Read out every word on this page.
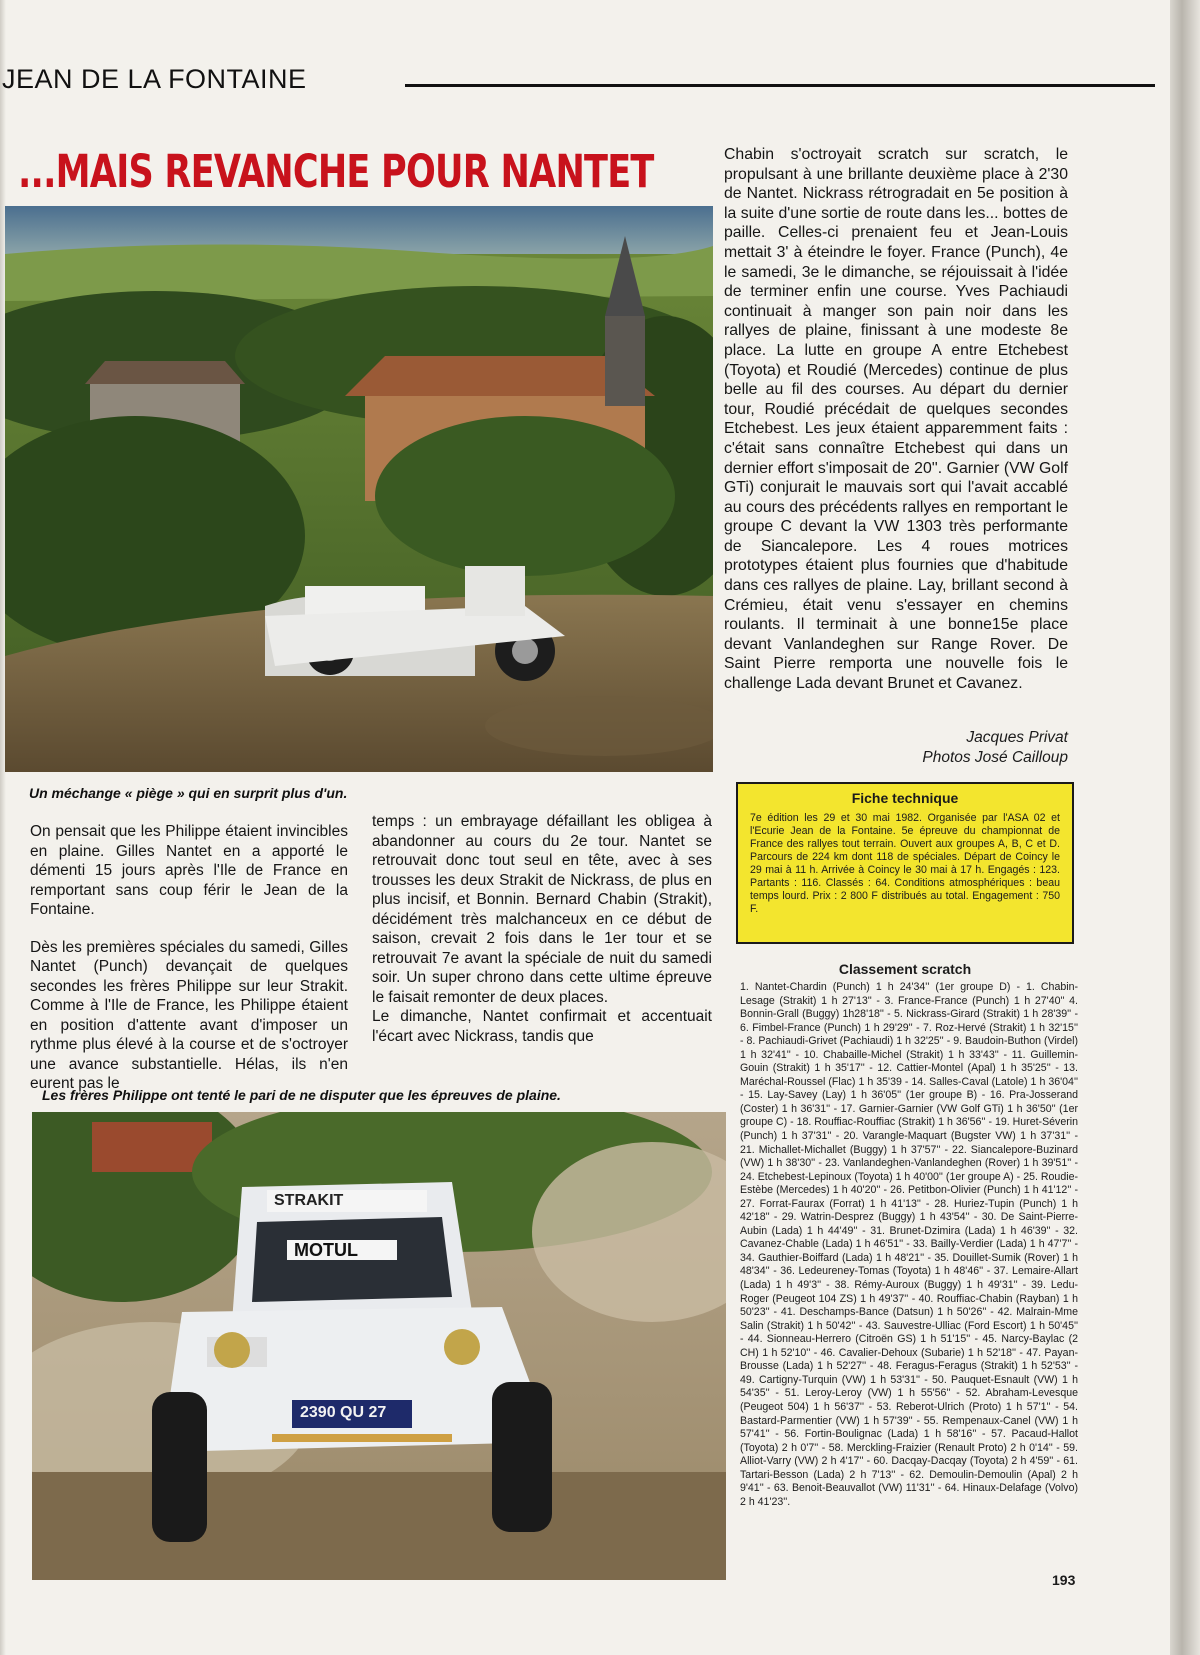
JEAN DE LA FONTAINE
...MAIS REVANCHE POUR NANTET
Un méchange « piège » qui en surprit plus d'un.

On pensait que les Philippe étaient invincibles en plaine. Gilles Nantet en a apporté le démenti 15 jours après l'Ile de France en remportant sans coup férir le Jean de la Fontaine.

Dès les premières spéciales du samedi, Gilles Nantet (Punch) devançait de quelques secondes les frères Philippe sur leur Strakit. Comme à l'Ile de France, les Philippe étaient en position d'attente avant d'imposer un rythme plus élevé à la course et de s'octroyer une avance substantielle. Hélas, ils n'en eurent pas le

temps : un embrayage défaillant les obligea à abandonner au cours du 2e tour. Nantet se retrouvait donc tout seul en tête, avec à ses trousses les deux Strakit de Nickrass, de plus en plus incisif, et Bonnin. Bernard Chabin (Strakit), décidément très malchanceux en ce début de saison, crevait 2 fois dans le 1er tour et se retrouvait 7e avant la spéciale de nuit du samedi soir. Un super chrono dans cette ultime épreuve le faisait remonter de deux places.

Le dimanche, Nantet confirmait et accentuait l'écart avec Nickrass, tandis que

Chabin s'octroyait scratch sur scratch, le propulsant à une brillante deuxième place à 2'30 de Nantet. Nickrass rétrogradait en 5e position à la suite d'une sortie de route dans les... bottes de paille. Celles-ci prenaient feu et Jean-Louis mettait 3' à éteindre le foyer. France (Punch), 4e le samedi, 3e le dimanche, se réjouissait à l'idée de terminer enfin une course. Yves Pachiaudi continuait à manger son pain noir dans les rallyes de plaine, finissant à une modeste 8e place. La lutte en groupe A entre Etchebest (Toyota) et Roudié (Mercedes) continue de plus belle au fil des courses. Au départ du dernier tour, Roudié précédait de quelques secondes Etchebest. Les jeux étaient apparemment faits : c'était sans connaître Etchebest qui dans un dernier effort s'imposait de 20''. Garnier (VW Golf GTi) conjurait le mauvais sort qui l'avait accablé au cours des précédents rallyes en remportant le groupe C devant la VW 1303 très performante de Siancalepore. Les 4 roues motrices prototypes étaient plus fournies que d'habitude dans ces rallyes de plaine. Lay, brillant second à Crémieu, était venu s'essayer en chemins roulants. Il terminait à une bonne15e place devant Vanlandeghen sur Range Rover. De Saint Pierre remporta une nouvelle fois le challenge Lada devant Brunet et Cavanez.

Jacques Privat
Photos José Cailloup
Fiche technique
7e édition les 29 et 30 mai 1982. Organisée par l'ASA 02 et l'Ecurie Jean de la Fontaine. 5e épreuve du championnat de France des rallyes tout terrain. Ouvert aux groupes A, B, C et D. Parcours de 224 km dont 118 de spéciales. Départ de Coincy le 29 mai à 11 h. Arrivée à Coincy le 30 mai à 17 h. Engagés : 123. Partants : 116. Classés : 64. Conditions atmosphériques : beau temps lourd. Prix : 2 800 F distribués au total. Engagement : 750 F.
Classement scratch
1. Nantet-Chardin (Punch) 1 h 24'34'' (1er groupe D) - 1. Chabin-Lesage (Strakit) 1 h 27'13'' - 3. France-France (Punch) 1 h 27'40'' 4. Bonnin-Grall (Buggy) 1h28'18'' - 5. Nickrass-Girard (Strakit) 1 h 28'39'' - 6. Fimbel-France (Punch) 1 h 29'29'' - 7. Roz-Hervé (Strakit) 1 h 32'15'' - 8. Pachiaudi-Grivet (Pachiaudi) 1 h 32'25'' - 9. Baudoin-Buthon (Virdel) 1 h 32'41'' - 10. Chabaille-Michel (Strakit) 1 h 33'43'' - 11. Guillemin-Gouin (Strakit) 1 h 35'17'' - 12. Cattier-Montel (Apal) 1 h 35'25'' - 13. Maréchal-Roussel (Flac) 1 h 35'39 - 14. Salles-Caval (Latole) 1 h 36'04'' - 15. Lay-Savey (Lay) 1 h 36'05'' (1er groupe B) - 16. Pra-Josserand (Coster) 1 h 36'31'' - 17. Garnier-Garnier (VW Golf GTi) 1 h 36'50'' (1er groupe C) - 18. Rouffiac-Rouffiac (Strakit) 1 h 36'56'' - 19. Huret-Séverin (Punch) 1 h 37'31'' - 20. Varangle-Maquart (Bugster VW) 1 h 37'31'' - 21. Michallet-Michallet (Buggy) 1 h 37'57'' - 22. Siancalepore-Buzinard (VW) 1 h 38'30'' - 23. Vanlandeghen-Vanlandeghen (Rover) 1 h 39'51'' - 24. Etchebest-Lepinoux (Toyota) 1 h 40'00'' (1er groupe A) - 25. Roudie-Estèbe (Mercedes) 1 h 40'20'' - 26. Petitbon-Olivier (Punch) 1 h 41'12'' - 27. Forrat-Faurax (Forrat) 1 h 41'13'' - 28. Huriez-Tupin (Punch) 1 h 42'18'' - 29. Watrin-Desprez (Buggy) 1 h 43'54'' - 30. De Saint-Pierre-Aubin (Lada) 1 h 44'49'' - 31. Brunet-Dzimira (Lada) 1 h 46'39'' - 32. Cavanez-Chable (Lada) 1 h 46'51'' - 33. Bailly-Verdier (Lada) 1 h 47'7'' - 34. Gauthier-Boiffard (Lada) 1 h 48'21'' - 35. Douillet-Sumik (Rover) 1 h 48'34'' - 36. Ledeureney-Tomas (Toyota) 1 h 48'46'' - 37. Lemaire-Allart (Lada) 1 h 49'3'' - 38. Rémy-Auroux (Buggy) 1 h 49'31'' - 39. Ledu-Roger (Peugeot 104 ZS) 1 h 49'37'' - 40. Rouffiac-Chabin (Rayban) 1 h 50'23'' - 41. Deschamps-Bance (Datsun) 1 h 50'26'' - 42. Malrain-Mme Salin (Strakit) 1 h 50'42'' - 43. Sauvestre-Ulliac (Ford Escort) 1 h 50'45'' - 44. Sionneau-Herrero (Citroën GS) 1 h 51'15'' - 45. Narcy-Baylac (2 CH) 1 h 52'10'' - 46. Cavalier-Dehoux (Subarie) 1 h 52'18'' - 47. Payan-Brousse (Lada) 1 h 52'27'' - 48. Feragus-Feragus (Strakit) 1 h 52'53'' - 49. Cartigny-Turquin (VW) 1 h 53'31'' - 50. Pauquet-Esnault (VW) 1 h 54'35'' - 51. Leroy-Leroy (VW) 1 h 55'56'' - 52. Abraham-Levesque (Peugeot 504) 1 h 56'37'' - 53. Reberot-Ulrich (Proto) 1 h 57'1'' - 54. Bastard-Parmentier (VW) 1 h 57'39'' - 55. Rempenaux-Canel (VW) 1 h 57'41'' - 56. Fortin-Boulignac (Lada) 1 h 58'16'' - 57. Pacaud-Hallot (Toyota) 2 h 0'7'' - 58. Merckling-Fraizier (Renault Proto) 2 h 0'14'' - 59. Alliot-Varry (VW) 2 h 4'17'' - 60. Dacqay-Dacqay (Toyota) 2 h 4'59'' - 61. Tartari-Besson (Lada) 2 h 7'13'' - 62. Demoulin-Demoulin (Apal) 2 h 9'41'' - 63. Benoit-Beauvallot (VW) 11'31'' - 64. Hinaux-Delafage (Volvo) 2 h 41'23''.
Les frères Philippe ont tenté le pari de ne disputer que les épreuves de plaine.
STRAKIT
MOTUL
2390 QU 27
193
